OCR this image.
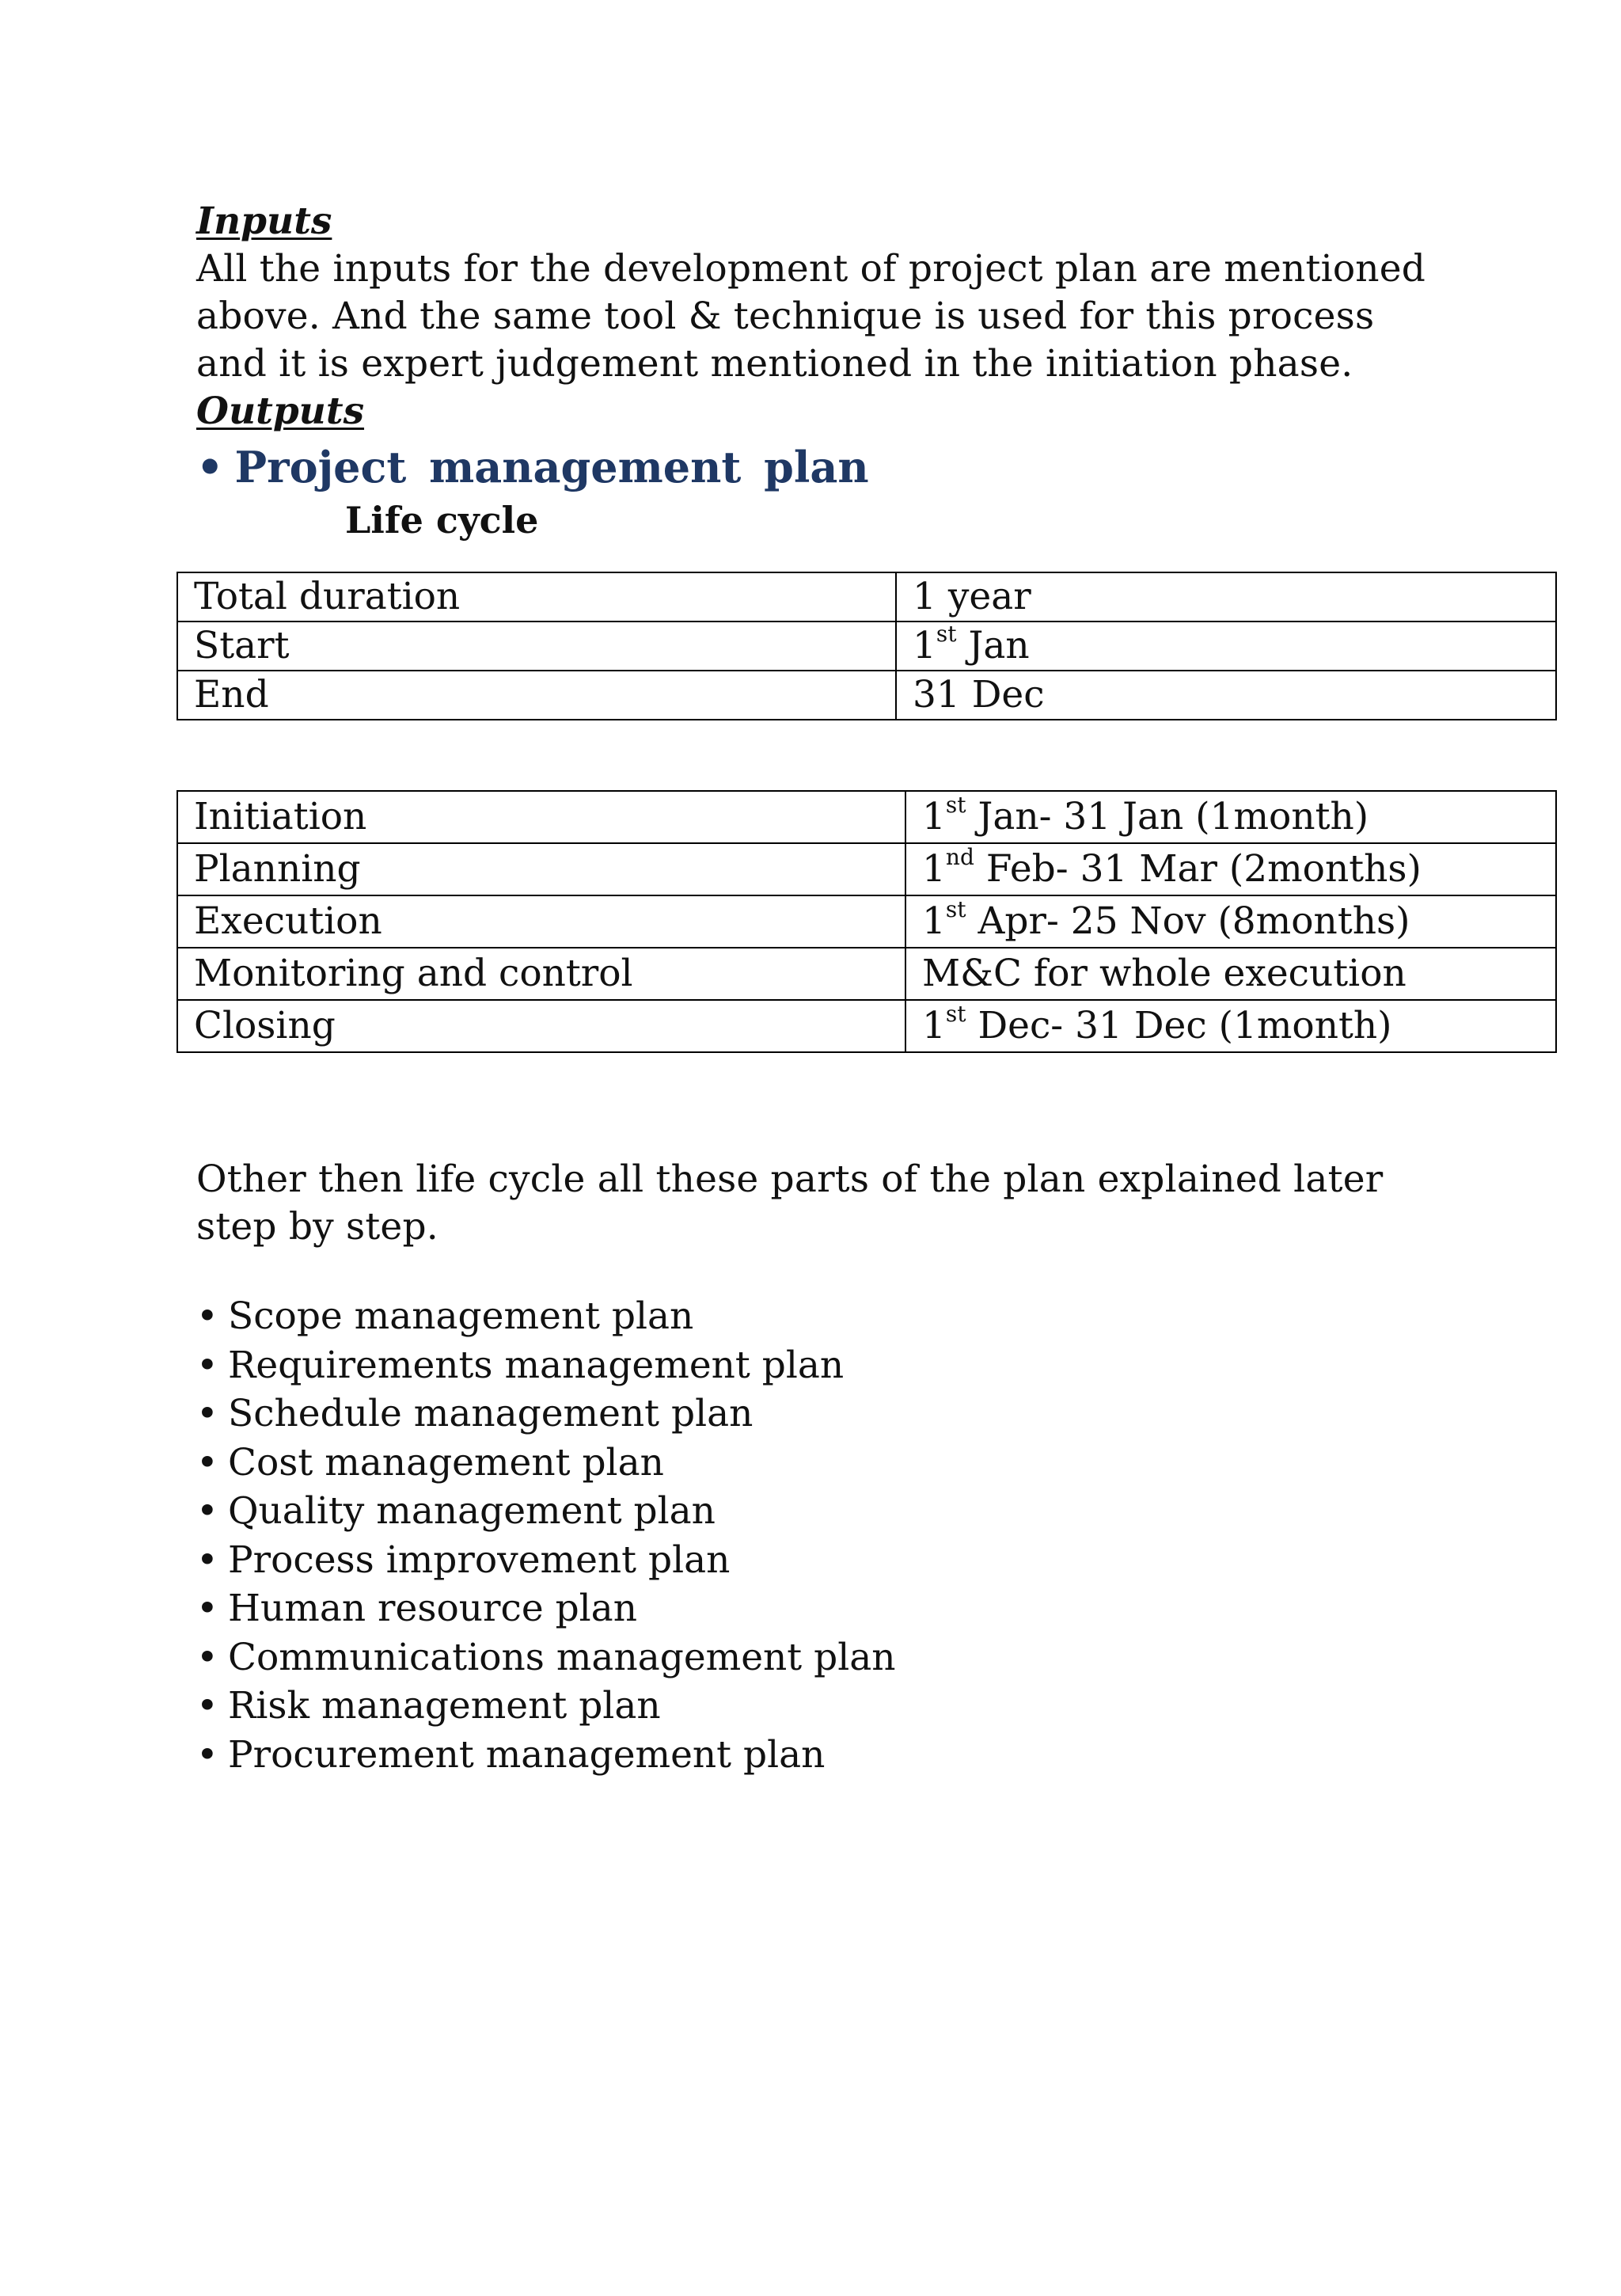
Inputs
All the inputs for the development of project plan are mentioned
above. And the same tool & technique is used for this process
and it is expert judgement mentioned in the initiation phase.
Outputs
• Project management plan
Life cycle
Total duration	1 year
Start	1st Jan
End	31 Dec
Initiation	1st Jan- 31 Jan (1month)
Planning	1nd Feb- 31 Mar (2months)
Execution	1st Apr- 25 Nov (8months)
Monitoring and control	M&C for whole execution
Closing	1st Dec- 31 Dec (1month)
Other then life cycle all these parts of the plan explained later
step by step.
• Scope management plan
• Requirements management plan
• Schedule management plan
• Cost management plan
• Quality management plan
• Process improvement plan
• Human resource plan
• Communications management plan
• Risk management plan
• Procurement management plan
